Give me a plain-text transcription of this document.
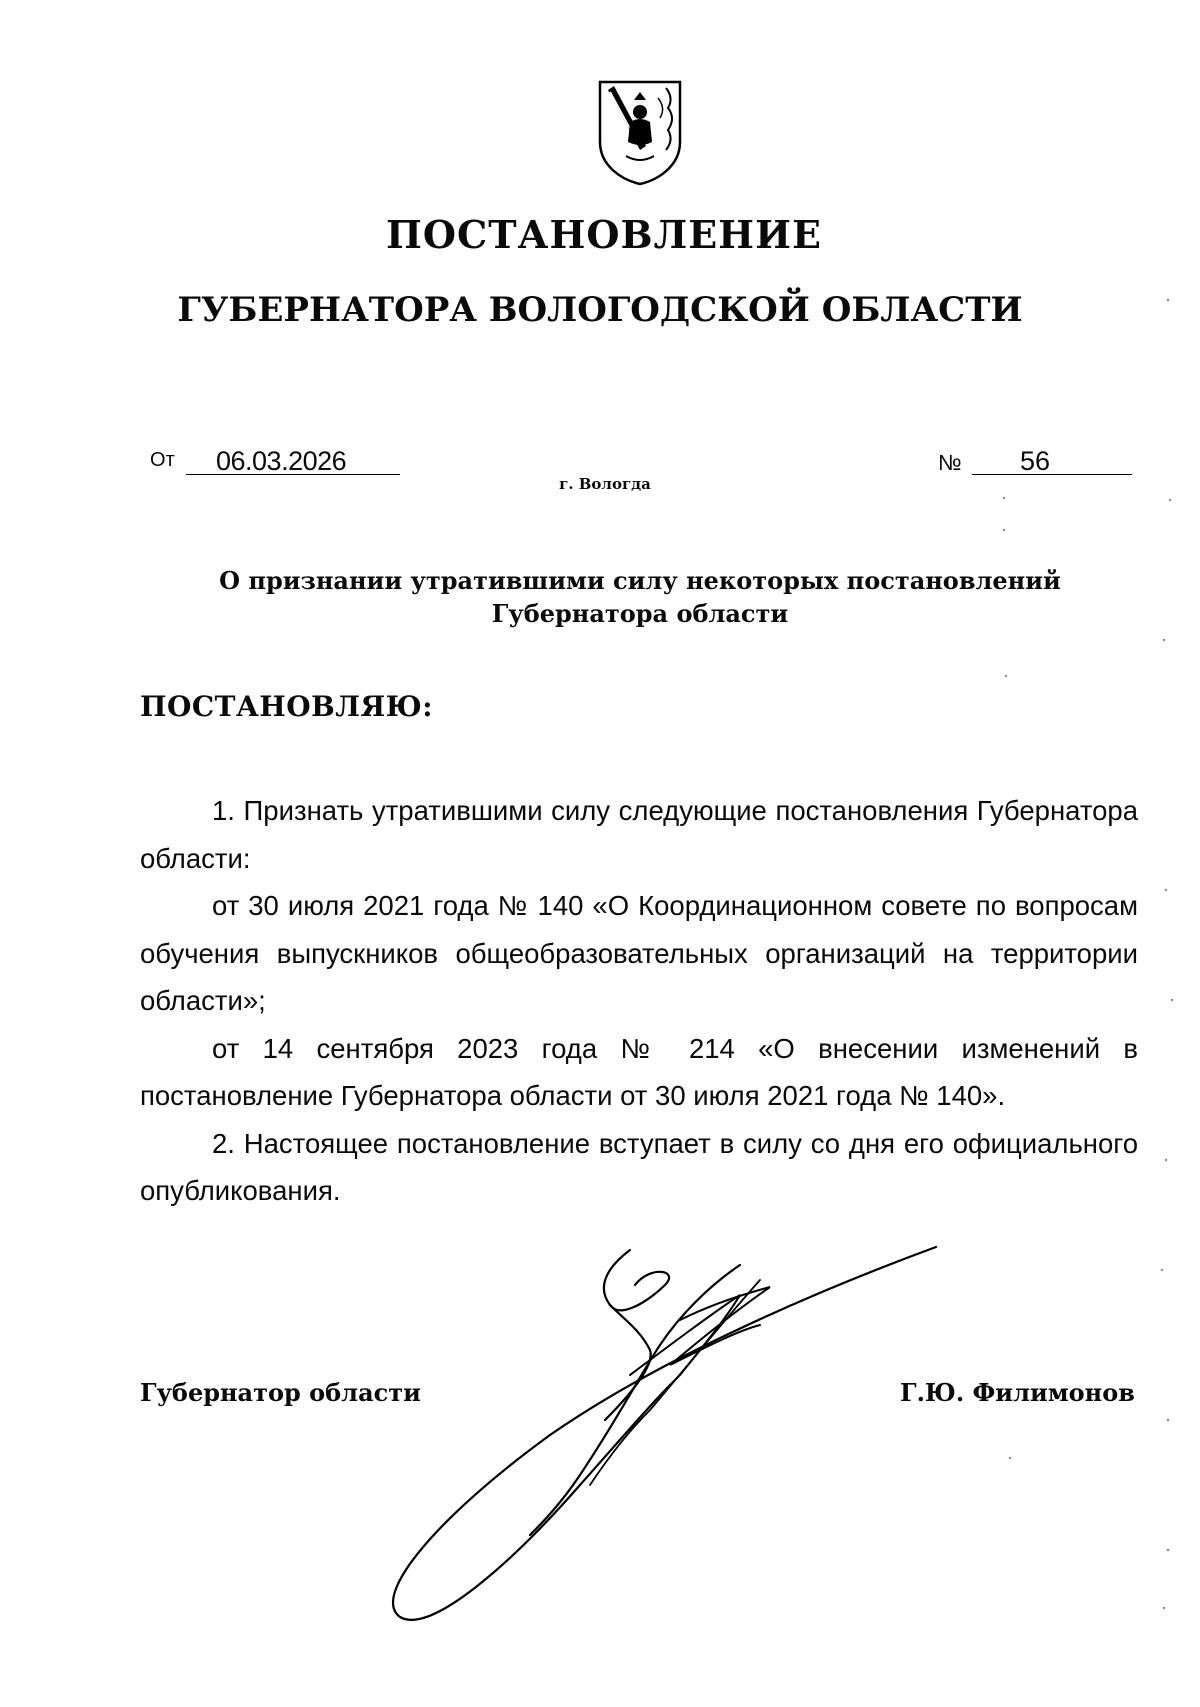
ПОСТАНОВЛЕНИЕ
ГУБЕРНАТОРА ВОЛОГОДСКОЙ ОБЛАСТИ
От 06.03.2026	№ 56
г. Вологда
О признании утратившими силу некоторых постановлений
Губернатора области
ПОСТАНОВЛЯЮ:

1. Признать утратившими силу следующие постановления Губернатора области:

от 30 июля 2021 года № 140 «О Координационном совете по вопросам обучения выпускников общеобразовательных организаций на территории области»;

от 14 сентября 2023 года № 214 «О внесении изменений в постановление Губернатора области от 30 июля 2021 года № 140».

2. Настоящее постановление вступает в силу со дня его официального опубликования.

Губернатор области	Г.Ю. Филимонов
